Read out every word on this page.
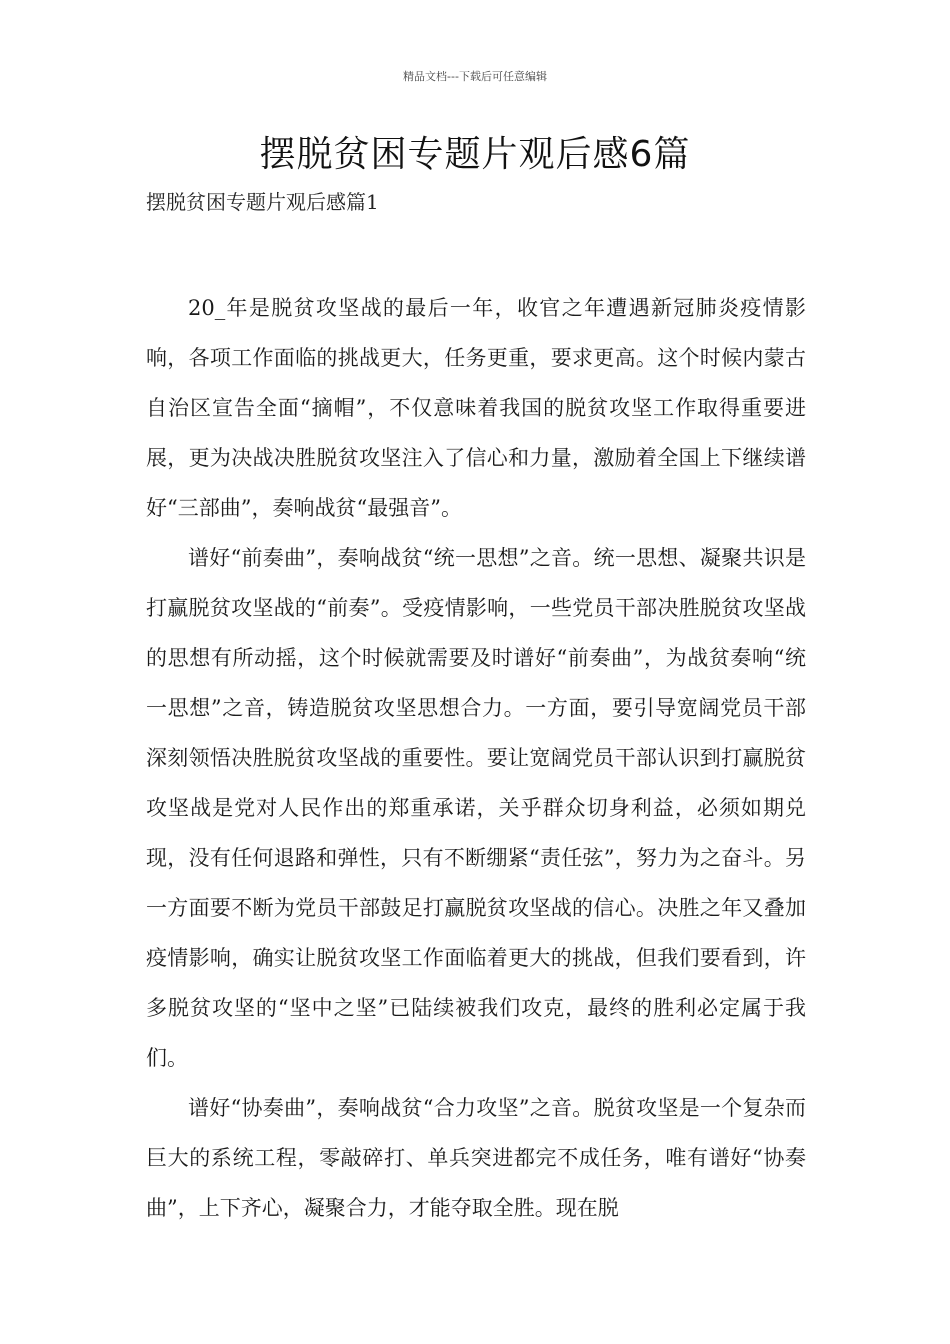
精品文档---下载后可任意编辑
摆脱贫困专题片观后感6篇
摆脱贫困专题片观后感篇1

20_年是脱贫攻坚战的最后一年，收官之年遭遇新冠肺炎疫情影响，各项工作面临的挑战更大，任务更重，要求更高。这个时候内蒙古自治区宣告全面“摘帽”，不仅意味着我国的脱贫攻坚工作取得重要进展，更为决战决胜脱贫攻坚注入了信心和力量，激励着全国上下继续谱好“三部曲”，奏响战贫“最强音”。

谱好“前奏曲”，奏响战贫“统一思想”之音。统一思想、凝聚共识是打赢脱贫攻坚战的“前奏”。受疫情影响，一些党员干部决胜脱贫攻坚战的思想有所动摇，这个时候就需要及时谱好“前奏曲”，为战贫奏响“统一思想”之音，铸造脱贫攻坚思想合力。一方面，要引导宽阔党员干部深刻领悟决胜脱贫攻坚战的重要性。要让宽阔党员干部认识到打赢脱贫攻坚战是党对人民作出的郑重承诺，关乎群众切身利益，必须如期兑现，没有任何退路和弹性，只有不断绷紧“责任弦”，努力为之奋斗。另一方面要不断为党员干部鼓足打赢脱贫攻坚战的信心。决胜之年又叠加疫情影响，确实让脱贫攻坚工作面临着更大的挑战，但我们要看到，许多脱贫攻坚的“坚中之坚”已陆续被我们攻克，最终的胜利必定属于我们。

谱好“协奏曲”，奏响战贫“合力攻坚”之音。脱贫攻坚是一个复杂而巨大的系统工程，零敲碎打、单兵突进都完不成任务，唯有谱好“协奏曲”，上下齐心，凝聚合力，才能夺取全胜。现在脱
